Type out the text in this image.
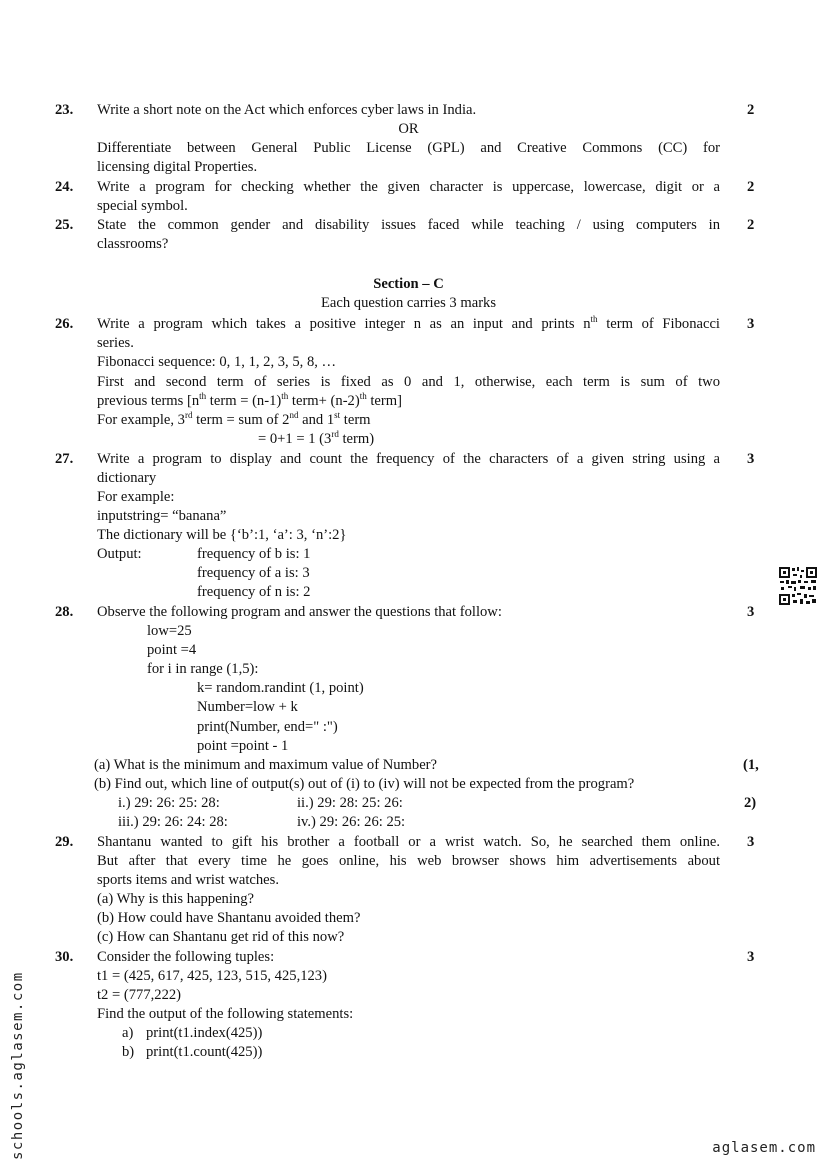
23. Write a short note on the Act which enforces cyber laws in India.	2
OR
Differentiate between General Public License (GPL) and Creative Commons (CC) for
licensing digital Properties.
24. Write a program for checking whether the given character is uppercase, lowercase, digit or a 2
special symbol.
25. State the common gender and disability issues faced while teaching / using computers in 2
classrooms?
Section – C
Each question carries 3 marks
26. Write a program which takes a positive integer n as an input and prints $n^{th}$ term of Fibonacci 3
series.
Fibonacci sequence: 0, 1, 1, 2, 3, 5, 8, …
First and second term of series is fixed as 0 and 1, otherwise, each term is sum of two
previous terms [$n^{th}$ term = $(n-1)^{th}$ term+ $(n-2)^{th}$ term]
For example, 3rd term = sum of 2nd and 1st term
= 0+1 = 1 (3rd term)
27. Write a program to display and count the frequency of the characters of a given string using a 3
dictionary
For example:
inputstring= “banana”
The dictionary will be {‘b’:1, ‘a’: 3, ‘n’:2}
Output:	frequency of b is: 1
frequency of a is: 3
frequency of n is: 2
28. Observe the following program and answer the questions that follow:	3
low=25
point =4
for i in range (1,5):
k= random.randint (1, point)
Number=low + k
print(Number, end=" :")
point =point - 1
(a) What is the minimum and maximum value of Number?	(1,
(b) Find out, which line of output(s) out of (i) to (iv) will not be expected from the program?
i.) 29: 26: 25: 28:	ii.) 29: 28: 25: 26:	2)
iii.) 29: 26: 24: 28:	iv.) 29: 26: 26: 25:
29. Shantanu wanted to gift his brother a football or a wrist watch. So, he searched them online. 3
But after that every time he goes online, his web browser shows him advertisements about
sports items and wrist watches.
(a) Why is this happening?
(b) How could have Shantanu avoided them?
(c) How can Shantanu get rid of this now?
30. Consider the following tuples:	3
t1 = (425, 617, 425, 123, 515, 425,123)
t2 = (777,222)
Find the output of the following statements:
a) print(t1.index(425))
b) print(t1.count(425))
schools.aglasem.com	aglasem.com
